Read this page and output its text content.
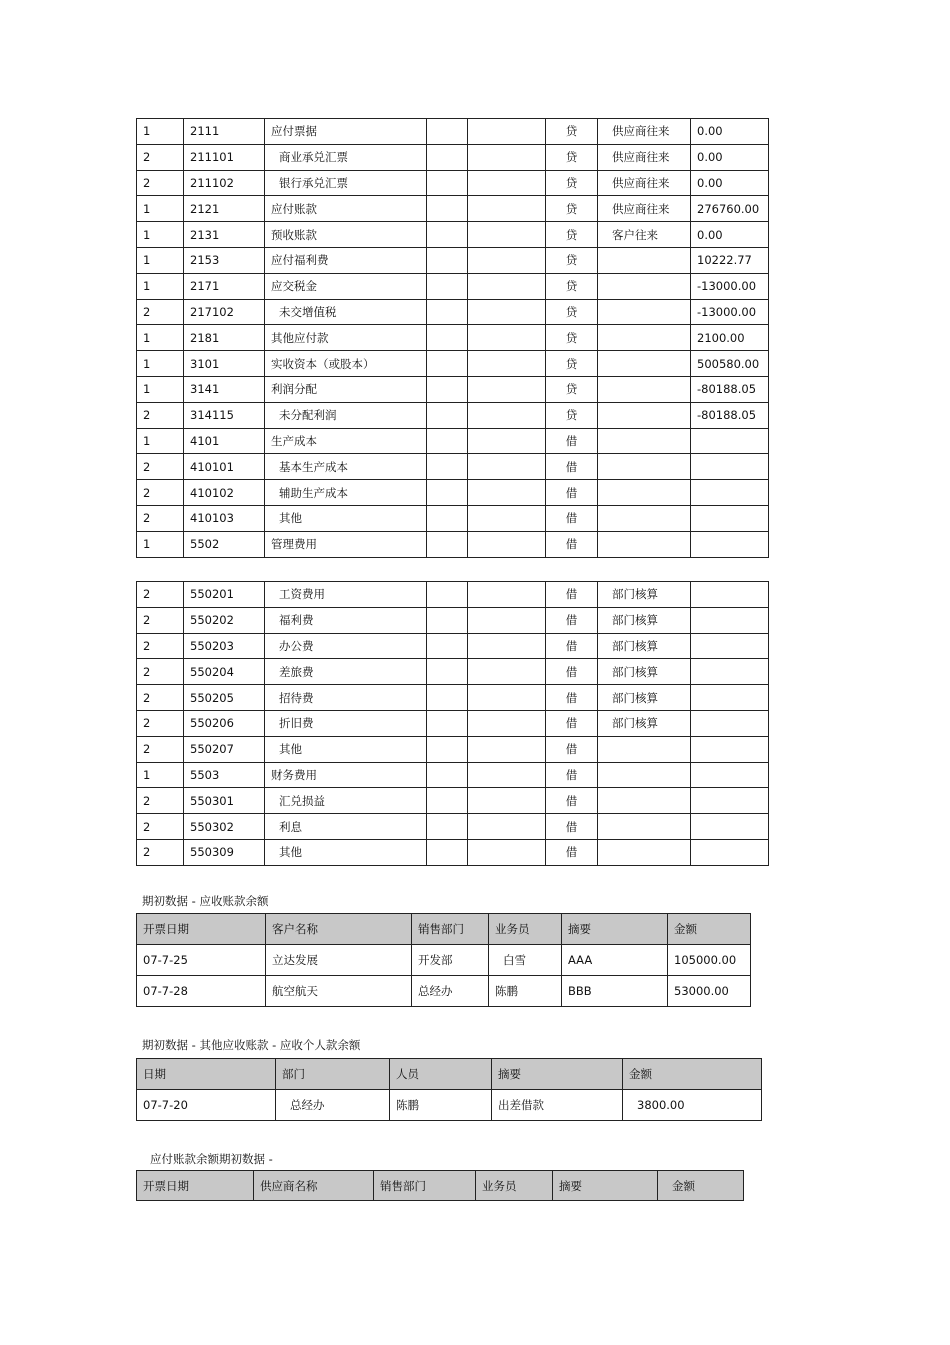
1	2111	应付票据			贷	供应商往来	0.00
2	211101	商业承兑汇票			贷	供应商往来	0.00
2	211102	银行承兑汇票			贷	供应商往来	0.00
1	2121	应付账款			贷	供应商往来	276760.00
1	2131	预收账款			贷	客户往来	0.00
1	2153	应付福利费			贷		10222.77
1	2171	应交税金			贷		-13000.00
2	217102	未交增值税			贷		-13000.00
1	2181	其他应付款			贷		2100.00
1	3101	实收资本（或股本）			贷		500580.00
1	3141	利润分配			贷		-80188.05
2	314115	未分配利润			贷		-80188.05
1	4101	生产成本			借		
2	410101	基本生产成本			借		
2	410102	辅助生产成本			借		
2	410103	其他			借		
1	5502	管理费用			借		
2	550201	工资费用			借	部门核算	
2	550202	福利费			借	部门核算	
2	550203	办公费			借	部门核算	
2	550204	差旅费			借	部门核算	
2	550205	招待费			借	部门核算	
2	550206	折旧费			借	部门核算	
2	550207	其他			借		
1	5503	财务费用			借		
2	550301	汇兑损益			借		
2	550302	利息			借		
2	550309	其他			借		
期初数据 - 应收账款余额
开票日期	客户名称	销售部门	业务员	摘要	金额
07-7-25	立达发展	开发部	白雪	AAA	105000.00
07-7-28	航空航天	总经办	陈鹏	BBB	53000.00
期初数据 - 其他应收账款 - 应收个人款余额
日期	部门	人员	摘要	金额
07-7-20	总经办	陈鹏	出差借款	3800.00
应付账款余额期初数据 -
开票日期	供应商名称	销售部门	业务员	摘要	金额
